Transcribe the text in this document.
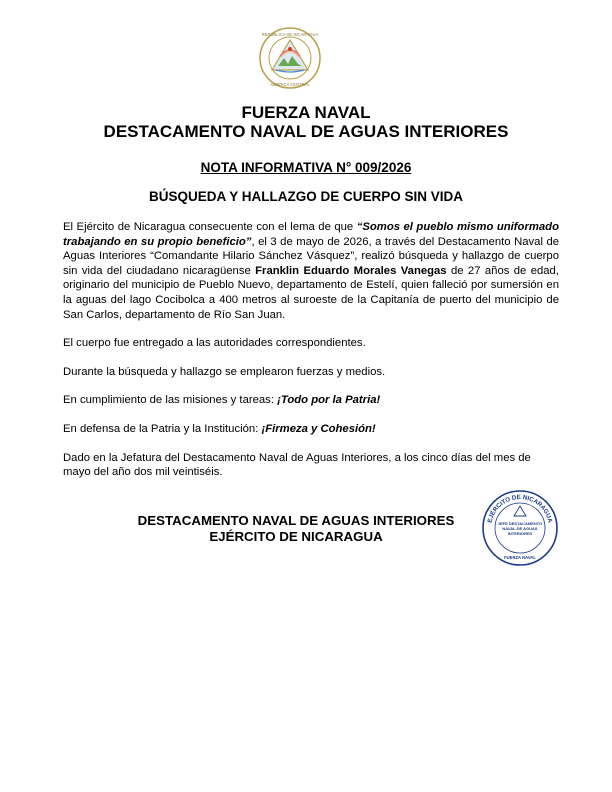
REPÚBLICA DE NICARAGUA
AMÉRICA CENTRAL
FUERZA NAVAL
DESTACAMENTO NAVAL DE AGUAS INTERIORES
NOTA INFORMATIVA N° 009/2026
BÚSQUEDA Y HALLAZGO DE CUERPO SIN VIDA

El Ejército de Nicaragua consecuente con el lema de que “Somos el pueblo mismo uniformado trabajando en su propio beneficio”, el 3 de mayo de 2026, a través del Destacamento Naval de Aguas Interiores “Comandante Hilario Sánchez Vásquez”, realizó búsqueda y hallazgo de cuerpo sin vida del ciudadano nicaragüense Franklin Eduardo Morales Vanegas de 27 años de edad, originario del municipio de Pueblo Nuevo, departamento de Estelí, quien falleció por sumersión en la aguas del lago Cocibolca a 400 metros al suroeste de la Capitanía de puerto del municipio de San Carlos, departamento de Río San Juan.

El cuerpo fue entregado a las autoridades correspondientes.

Durante la búsqueda y hallazgo se emplearon fuerzas y medios.

En cumplimiento de las misiones y tareas: ¡Todo por la Patria!

En defensa de la Patria y la Institución: ¡Firmeza y Cohesión!

Dado en la Jefatura del Destacamento Naval de Aguas Interiores, a los cinco días del mes de mayo del año dos mil veintiséis.

DESTACAMENTO NAVAL DE AGUAS INTERIORES
EJÉRCITO DE NICARAGUA
EJÉRCITO DE NICARAGUA
JEFE DESTACAMENTO
NAVAL DE AGUAS
INTERIORES
FUERZA NAVAL
